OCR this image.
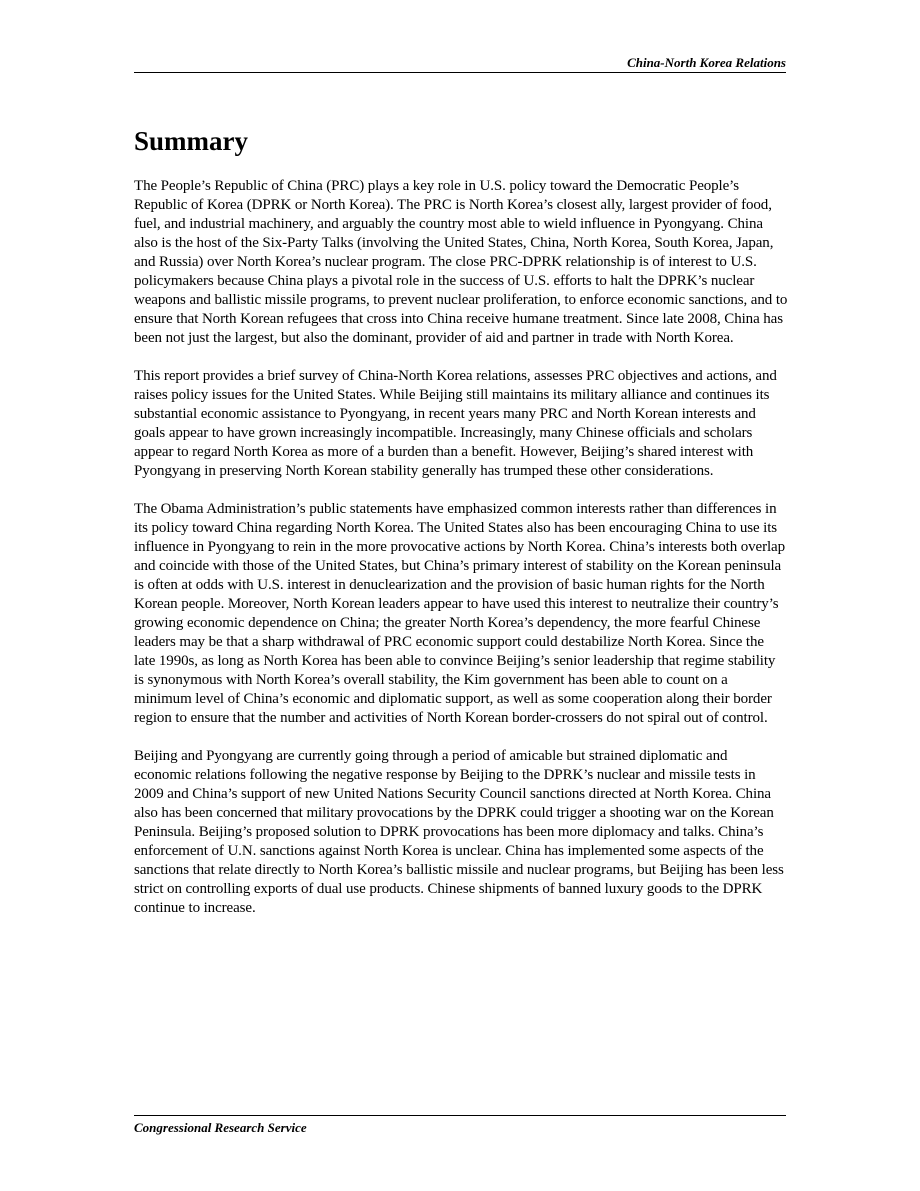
China-North Korea Relations
Summary

The People’s Republic of China (PRC) plays a key role in U.S. policy toward the Democratic People’s Republic of Korea (DPRK or North Korea). The PRC is North Korea’s closest ally, largest provider of food, fuel, and industrial machinery, and arguably the country most able to wield influence in Pyongyang. China also is the host of the Six-Party Talks (involving the United States, China, North Korea, South Korea, Japan, and Russia) over North Korea’s nuclear program. The close PRC-DPRK relationship is of interest to U.S. policymakers because China plays a pivotal role in the success of U.S. efforts to halt the DPRK’s nuclear weapons and ballistic missile programs, to prevent nuclear proliferation, to enforce economic sanctions, and to ensure that North Korean refugees that cross into China receive humane treatment. Since late 2008, China has been not just the largest, but also the dominant, provider of aid and partner in trade with North Korea.

This report provides a brief survey of China-North Korea relations, assesses PRC objectives and actions, and raises policy issues for the United States. While Beijing still maintains its military alliance and continues its substantial economic assistance to Pyongyang, in recent years many PRC and North Korean interests and goals appear to have grown increasingly incompatible. Increasingly, many Chinese officials and scholars appear to regard North Korea as more of a burden than a benefit. However, Beijing’s shared interest with Pyongyang in preserving North Korean stability generally has trumped these other considerations.

The Obama Administration’s public statements have emphasized common interests rather than differences in its policy toward China regarding North Korea. The United States also has been encouraging China to use its influence in Pyongyang to rein in the more provocative actions by North Korea. China’s interests both overlap and coincide with those of the United States, but China’s primary interest of stability on the Korean peninsula is often at odds with U.S. interest in denuclearization and the provision of basic human rights for the North Korean people. Moreover, North Korean leaders appear to have used this interest to neutralize their country’s growing economic dependence on China; the greater North Korea’s dependency, the more fearful Chinese leaders may be that a sharp withdrawal of PRC economic support could destabilize North Korea. Since the late 1990s, as long as North Korea has been able to convince Beijing’s senior leadership that regime stability is synonymous with North Korea’s overall stability, the Kim government has been able to count on a minimum level of China’s economic and diplomatic support, as well as some cooperation along their border region to ensure that the number and activities of North Korean border-crossers do not spiral out of control.

Beijing and Pyongyang are currently going through a period of amicable but strained diplomatic and economic relations following the negative response by Beijing to the DPRK’s nuclear and missile tests in 2009 and China’s support of new United Nations Security Council sanctions directed at North Korea. China also has been concerned that military provocations by the DPRK could trigger a shooting war on the Korean Peninsula. Beijing’s proposed solution to DPRK provocations has been more diplomacy and talks. China’s enforcement of U.N. sanctions against North Korea is unclear. China has implemented some aspects of the sanctions that relate directly to North Korea’s ballistic missile and nuclear programs, but Beijing has been less strict on controlling exports of dual use products. Chinese shipments of banned luxury goods to the DPRK continue to increase.

Congressional Research Service
